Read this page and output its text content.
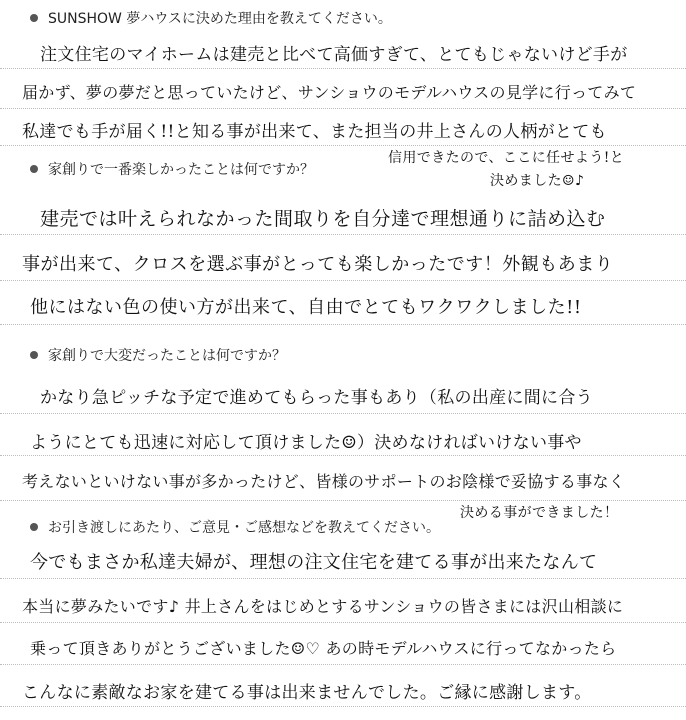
SUNSHOW 夢ハウスに決めた理由を教えてください。
注文住宅のマイホームは建売と比べて高価すぎて、とてもじゃないけど手が
届かず、夢の夢だと思っていたけど、サンショウのモデルハウスの見学に行ってみて
私達でも手が届く!!と知る事が出来て、また担当の井上さんの人柄がとても
信用できたので、ここに任せよう!と
決めました☺♪
家創りで一番楽しかったことは何ですか？
建売では叶えられなかった間取りを自分達で理想通りに詰め込む
事が出来て、クロスを選ぶ事がとっても楽しかったです！外観もあまり
他にはない色の使い方が出来て、自由でとてもワクワクしました!!
家創りで大変だったことは何ですか？
かなり急ピッチな予定で進めてもらった事もあり（私の出産に間に合う
ようにとても迅速に対応して頂けました☺）決めなければいけない事や
考えないといけない事が多かったけど、皆様のサポートのお陰様で妥協する事なく
決める事ができました！
お引き渡しにあたり、ご意見・ご感想などを教えてください。
今でもまさか私達夫婦が、理想の注文住宅を建てる事が出来たなんて
本当に夢みたいです♪ 井上さんをはじめとするサンショウの皆さまには沢山相談に
乗って頂きありがとうございました☺♡ あの時モデルハウスに行ってなかったら
こんなに素敵なお家を建てる事は出来ませんでした。ご縁に感謝します。
